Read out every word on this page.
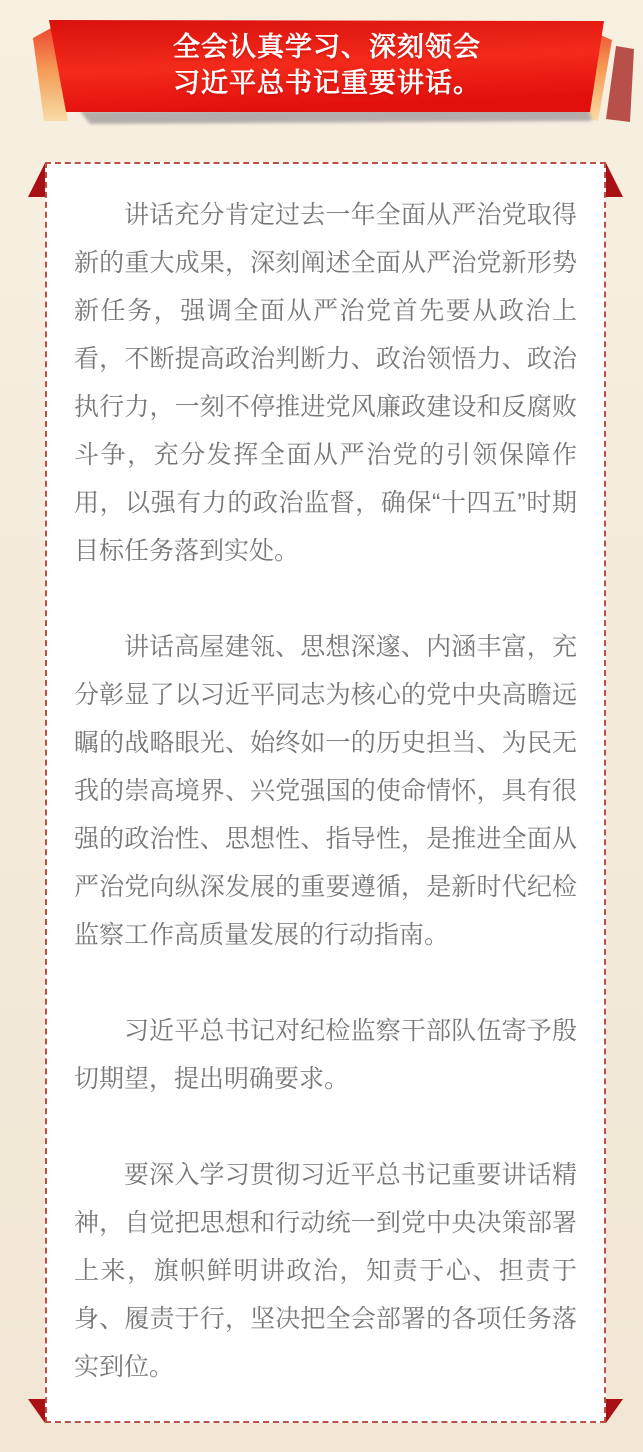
全会认真学习、深刻领会
习近平总书记重要讲话。

讲话充分肯定过去一年全面从严治党取得新的重大成果，深刻阐述全面从严治党新形势新任务，强调全面从严治党首先要从政治上看，不断提高政治判断力、政治领悟力、政治执行力，一刻不停推进党风廉政建设和反腐败斗争，充分发挥全面从严治党的引领保障作用，以强有力的政治监督，确保“十四五”时期目标任务落到实处。

讲话高屋建瓴、思想深邃、内涵丰富，充分彰显了以习近平同志为核心的党中央高瞻远瞩的战略眼光、始终如一的历史担当、为民无我的崇高境界、兴党强国的使命情怀，具有很强的政治性、思想性、指导性，是推进全面从严治党向纵深发展的重要遵循，是新时代纪检监察工作高质量发展的行动指南。

习近平总书记对纪检监察干部队伍寄予殷切期望，提出明确要求。

要深入学习贯彻习近平总书记重要讲话精神，自觉把思想和行动统一到党中央决策部署上来，旗帜鲜明讲政治，知责于心、担责于身、履责于行，坚决把全会部署的各项任务落实到位。
